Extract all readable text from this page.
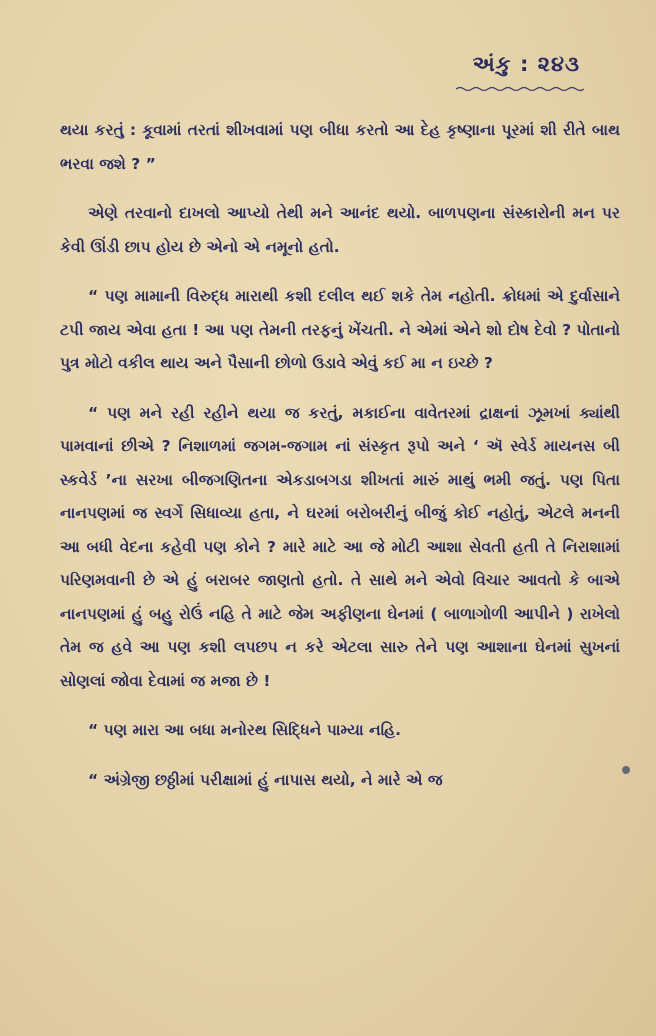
અંકુ : ૨૪૩

થયા કરતું : કૂવામાં તરતાં શીખવામાં પણ બીધા કરતો આ દેહ કૃષ્ણાના પૂરમાં શી રીતે બાથ ભરવા જશે ? ”

એણે તરવાનો દાખલો આપ્યો તેથી મને આનંદ થયો. બાળપણના સંસ્કારોની મન પર કેવી ઊંડી છાપ હોય છે એનો એ નમૂનો હતો.

“ પણ મામાની વિરુદ્ધ મારાથી કશી દલીલ થઈ શકે તેમ નહોતી. ક્રોધમાં એ દુર્વાસાને ટપી જાય એવા હતા ! આ પણ તેમની તરફનું ખેંચતી. ને એમાં એને શો દોષ દેવો ? પોતાનો પુત્ર મોટો વકીલ થાય અને પૈસાની છોળો ઉડાવે એવું કઈ મા ન ઇચ્છે ?

“ પણ મને રહી રહીને થયા જ કરતું, મકાઈના વાવેતરમાં દ્રાક્ષનાં ઝૂમખાં ક્યાંથી પામવાનાં છીએ ? નિશાળમાં જગમ-જગામ નાં સંસ્કૃત રૂપો અને ‘ ઍ સ્વેર્ડ માયનસ બી સ્કવેર્ડ ’ના સરખા બીજગણિતના એકડાબગડા શીખતાં મારું માથું ભમી જતું. પણ પિતા નાનપણમાં જ સ્વર્ગે સિધાવ્યા હતા, ને ઘરમાં બરોબરીનું બીજું કોઈ નહોતું, એટલે મનની આ બધી વેદના કહેવી પણ કોને ? મારે માટે આ જે મોટી આશા સેવતી હતી તે નિરાશામાં પરિણમવાની છે એ હું બરાબર જાણતો હતો. તે સાથે મને એવો વિચાર આવતો કે બાએ નાનપણમાં હું બહુ રોઉં નહિ તે માટે જેમ અફીણના ઘેનમાં ( બાળાગોળી આપીને ) રાખેલો તેમ જ હવે આ પણ કશી લપછપ ન કરે એટલા સારુ તેને પણ આશાના ઘેનમાં સુખનાં સોણલાં જોવા દેવામાં જ મજા છે !

“ પણ મારા આ બધા મનોરથ સિદ્ધિને પામ્યા નહિ.

“ અંગ્રેજી છઠ્ઠીમાં પરીક્ષામાં હું નાપાસ થયો, ને મારે એ જ
